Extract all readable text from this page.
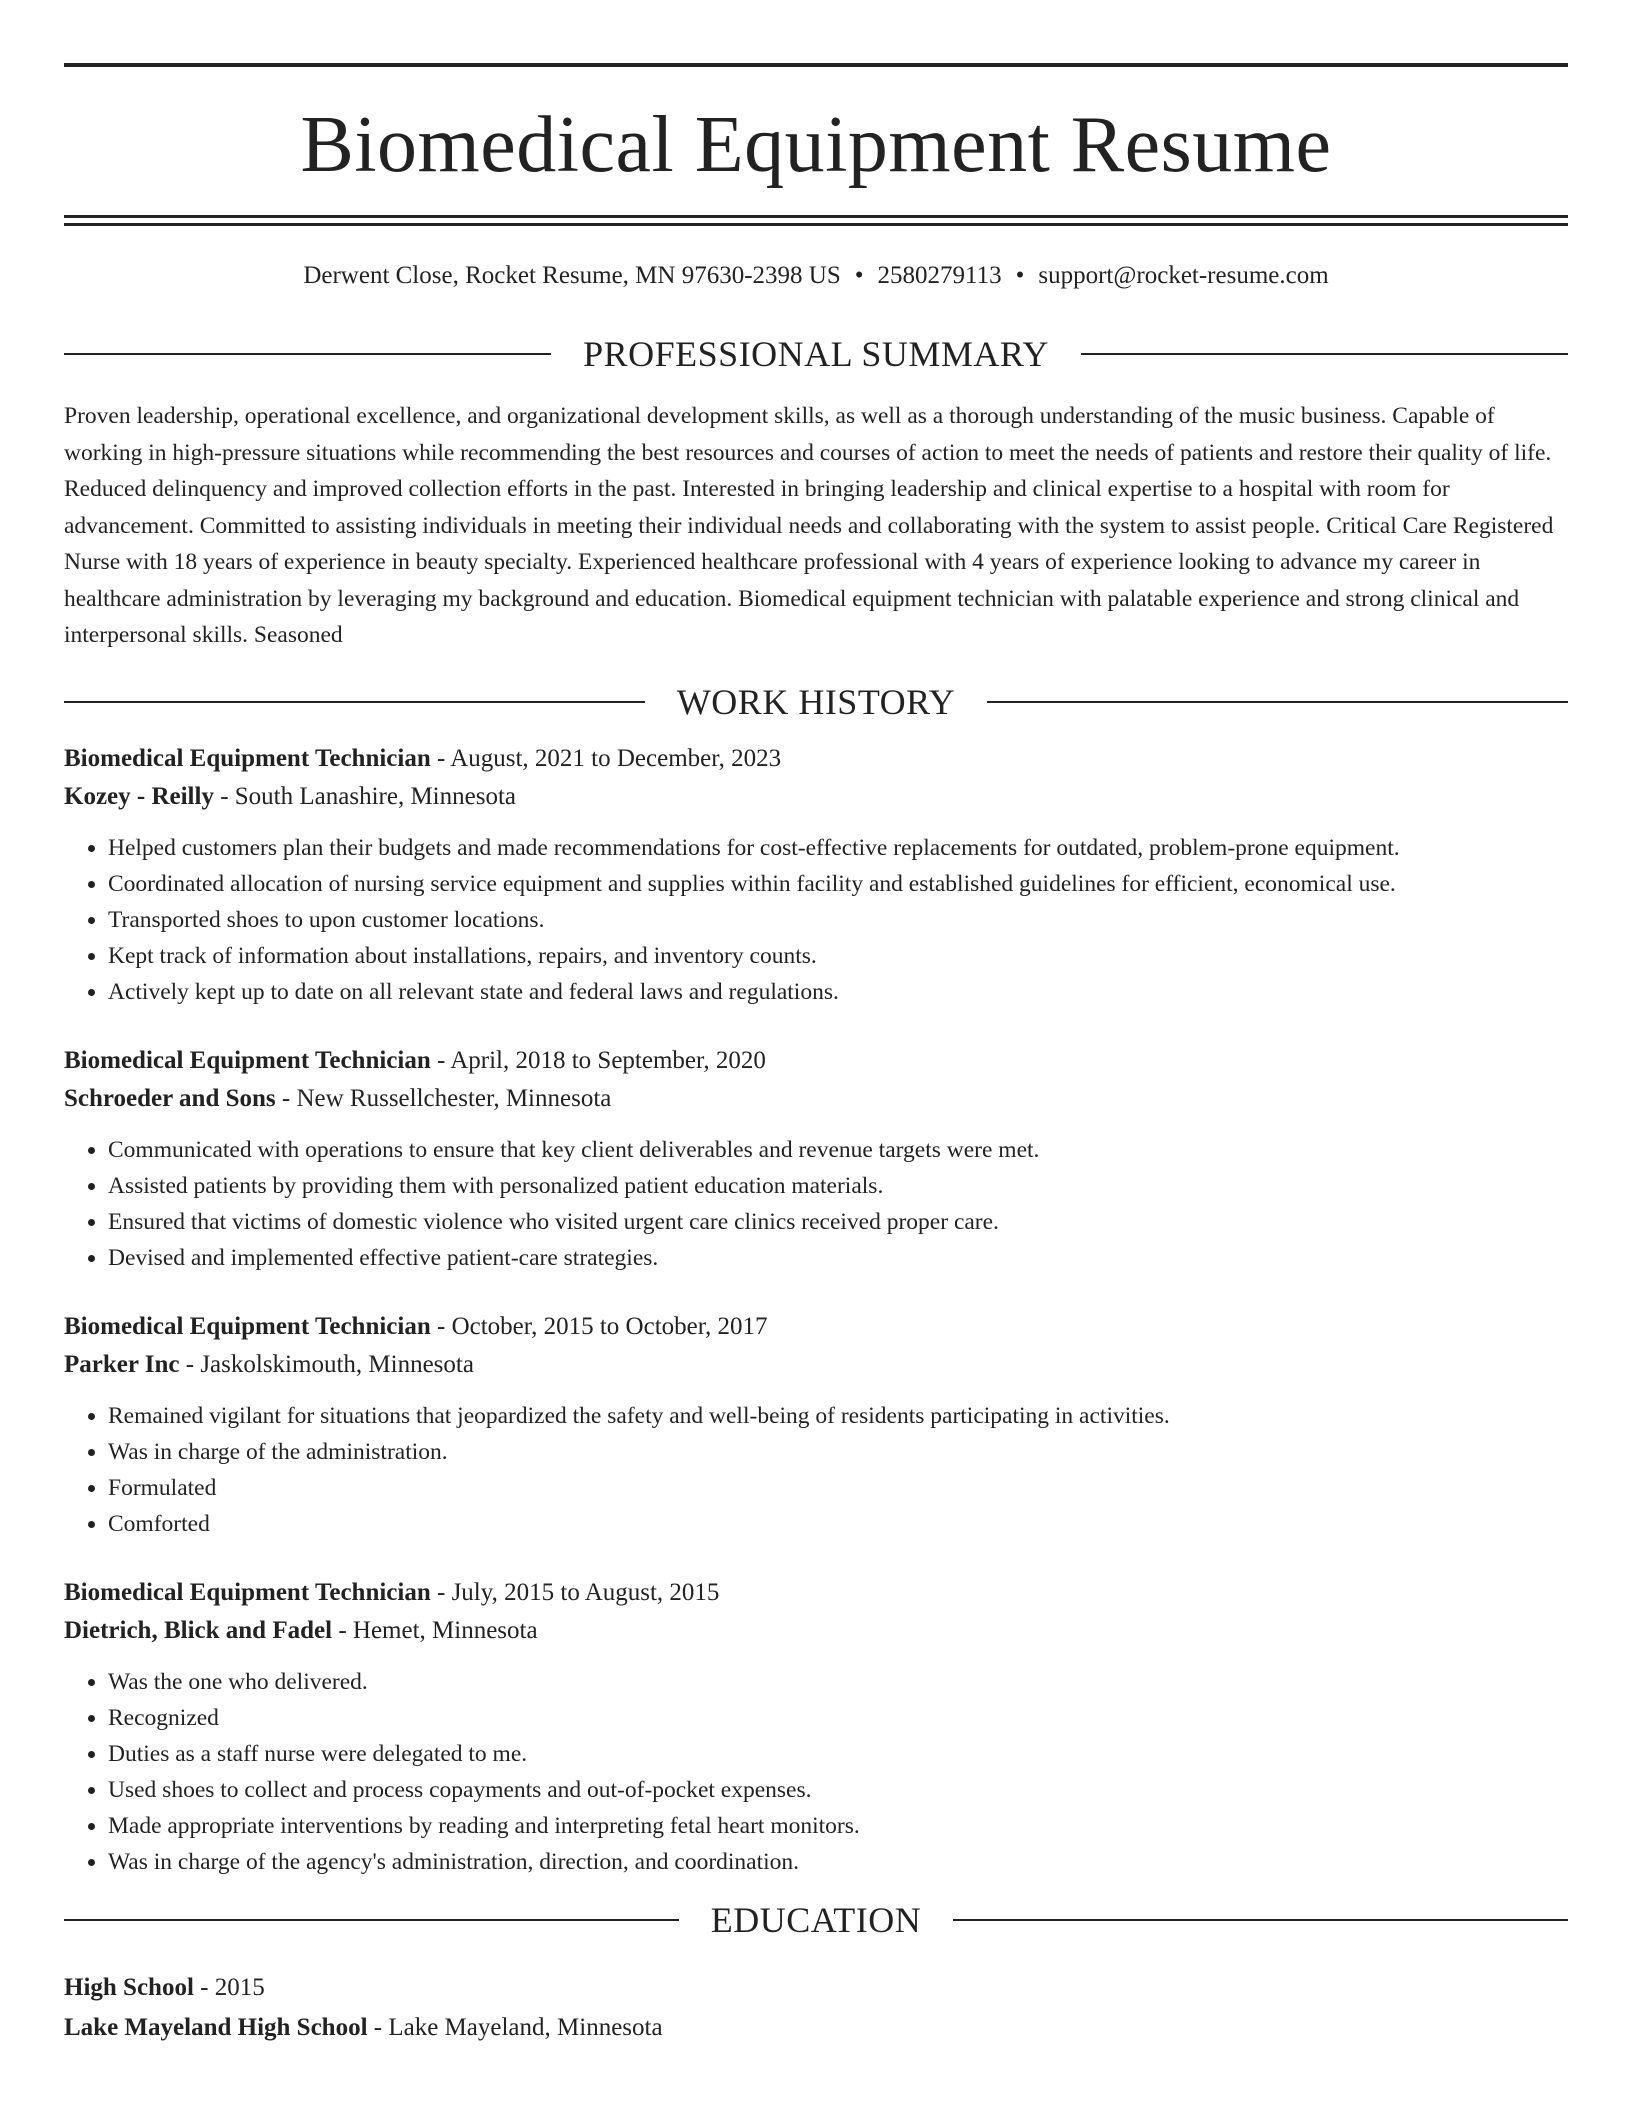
Biomedical Equipment Resume
Derwent Close, Rocket Resume, MN 97630-2398 US • 2580279113 • support@rocket-resume.com
PROFESSIONAL SUMMARY

Proven leadership, operational excellence, and organizational development skills, as well as a thorough understanding of the music business. Capable of working in high-pressure situations while recommending the best resources and courses of action to meet the needs of patients and restore their quality of life. Reduced delinquency and improved collection efforts in the past. Interested in bringing leadership and clinical expertise to a hospital with room for advancement. Committed to assisting individuals in meeting their individual needs and collaborating with the system to assist people. Critical Care Registered Nurse with 18 years of experience in beauty specialty. Experienced healthcare professional with 4 years of experience looking to advance my career in healthcare administration by leveraging my background and education. Biomedical equipment technician with palatable experience and strong clinical and interpersonal skills. Seasoned

WORK HISTORY
Biomedical Equipment Technician - August, 2021 to December, 2023
Kozey - Reilly - South Lanashire, Minnesota
• Helped customers plan their budgets and made recommendations for cost-effective replacements for outdated, problem-prone equipment.
• Coordinated allocation of nursing service equipment and supplies within facility and established guidelines for efficient, economical use.
• Transported shoes to upon customer locations.
• Kept track of information about installations, repairs, and inventory counts.
• Actively kept up to date on all relevant state and federal laws and regulations.
Biomedical Equipment Technician - April, 2018 to September, 2020
Schroeder and Sons - New Russellchester, Minnesota
• Communicated with operations to ensure that key client deliverables and revenue targets were met.
• Assisted patients by providing them with personalized patient education materials.
• Ensured that victims of domestic violence who visited urgent care clinics received proper care.
• Devised and implemented effective patient-care strategies.
Biomedical Equipment Technician - October, 2015 to October, 2017
Parker Inc - Jaskolskimouth, Minnesota
• Remained vigilant for situations that jeopardized the safety and well-being of residents participating in activities.
• Was in charge of the administration.
• Formulated
• Comforted
Biomedical Equipment Technician - July, 2015 to August, 2015
Dietrich, Blick and Fadel - Hemet, Minnesota
• Was the one who delivered.
• Recognized
• Duties as a staff nurse were delegated to me.
• Used shoes to collect and process copayments and out-of-pocket expenses.
• Made appropriate interventions by reading and interpreting fetal heart monitors.
• Was in charge of the agency's administration, direction, and coordination.
EDUCATION
High School - 2015
Lake Mayeland High School - Lake Mayeland, Minnesota
